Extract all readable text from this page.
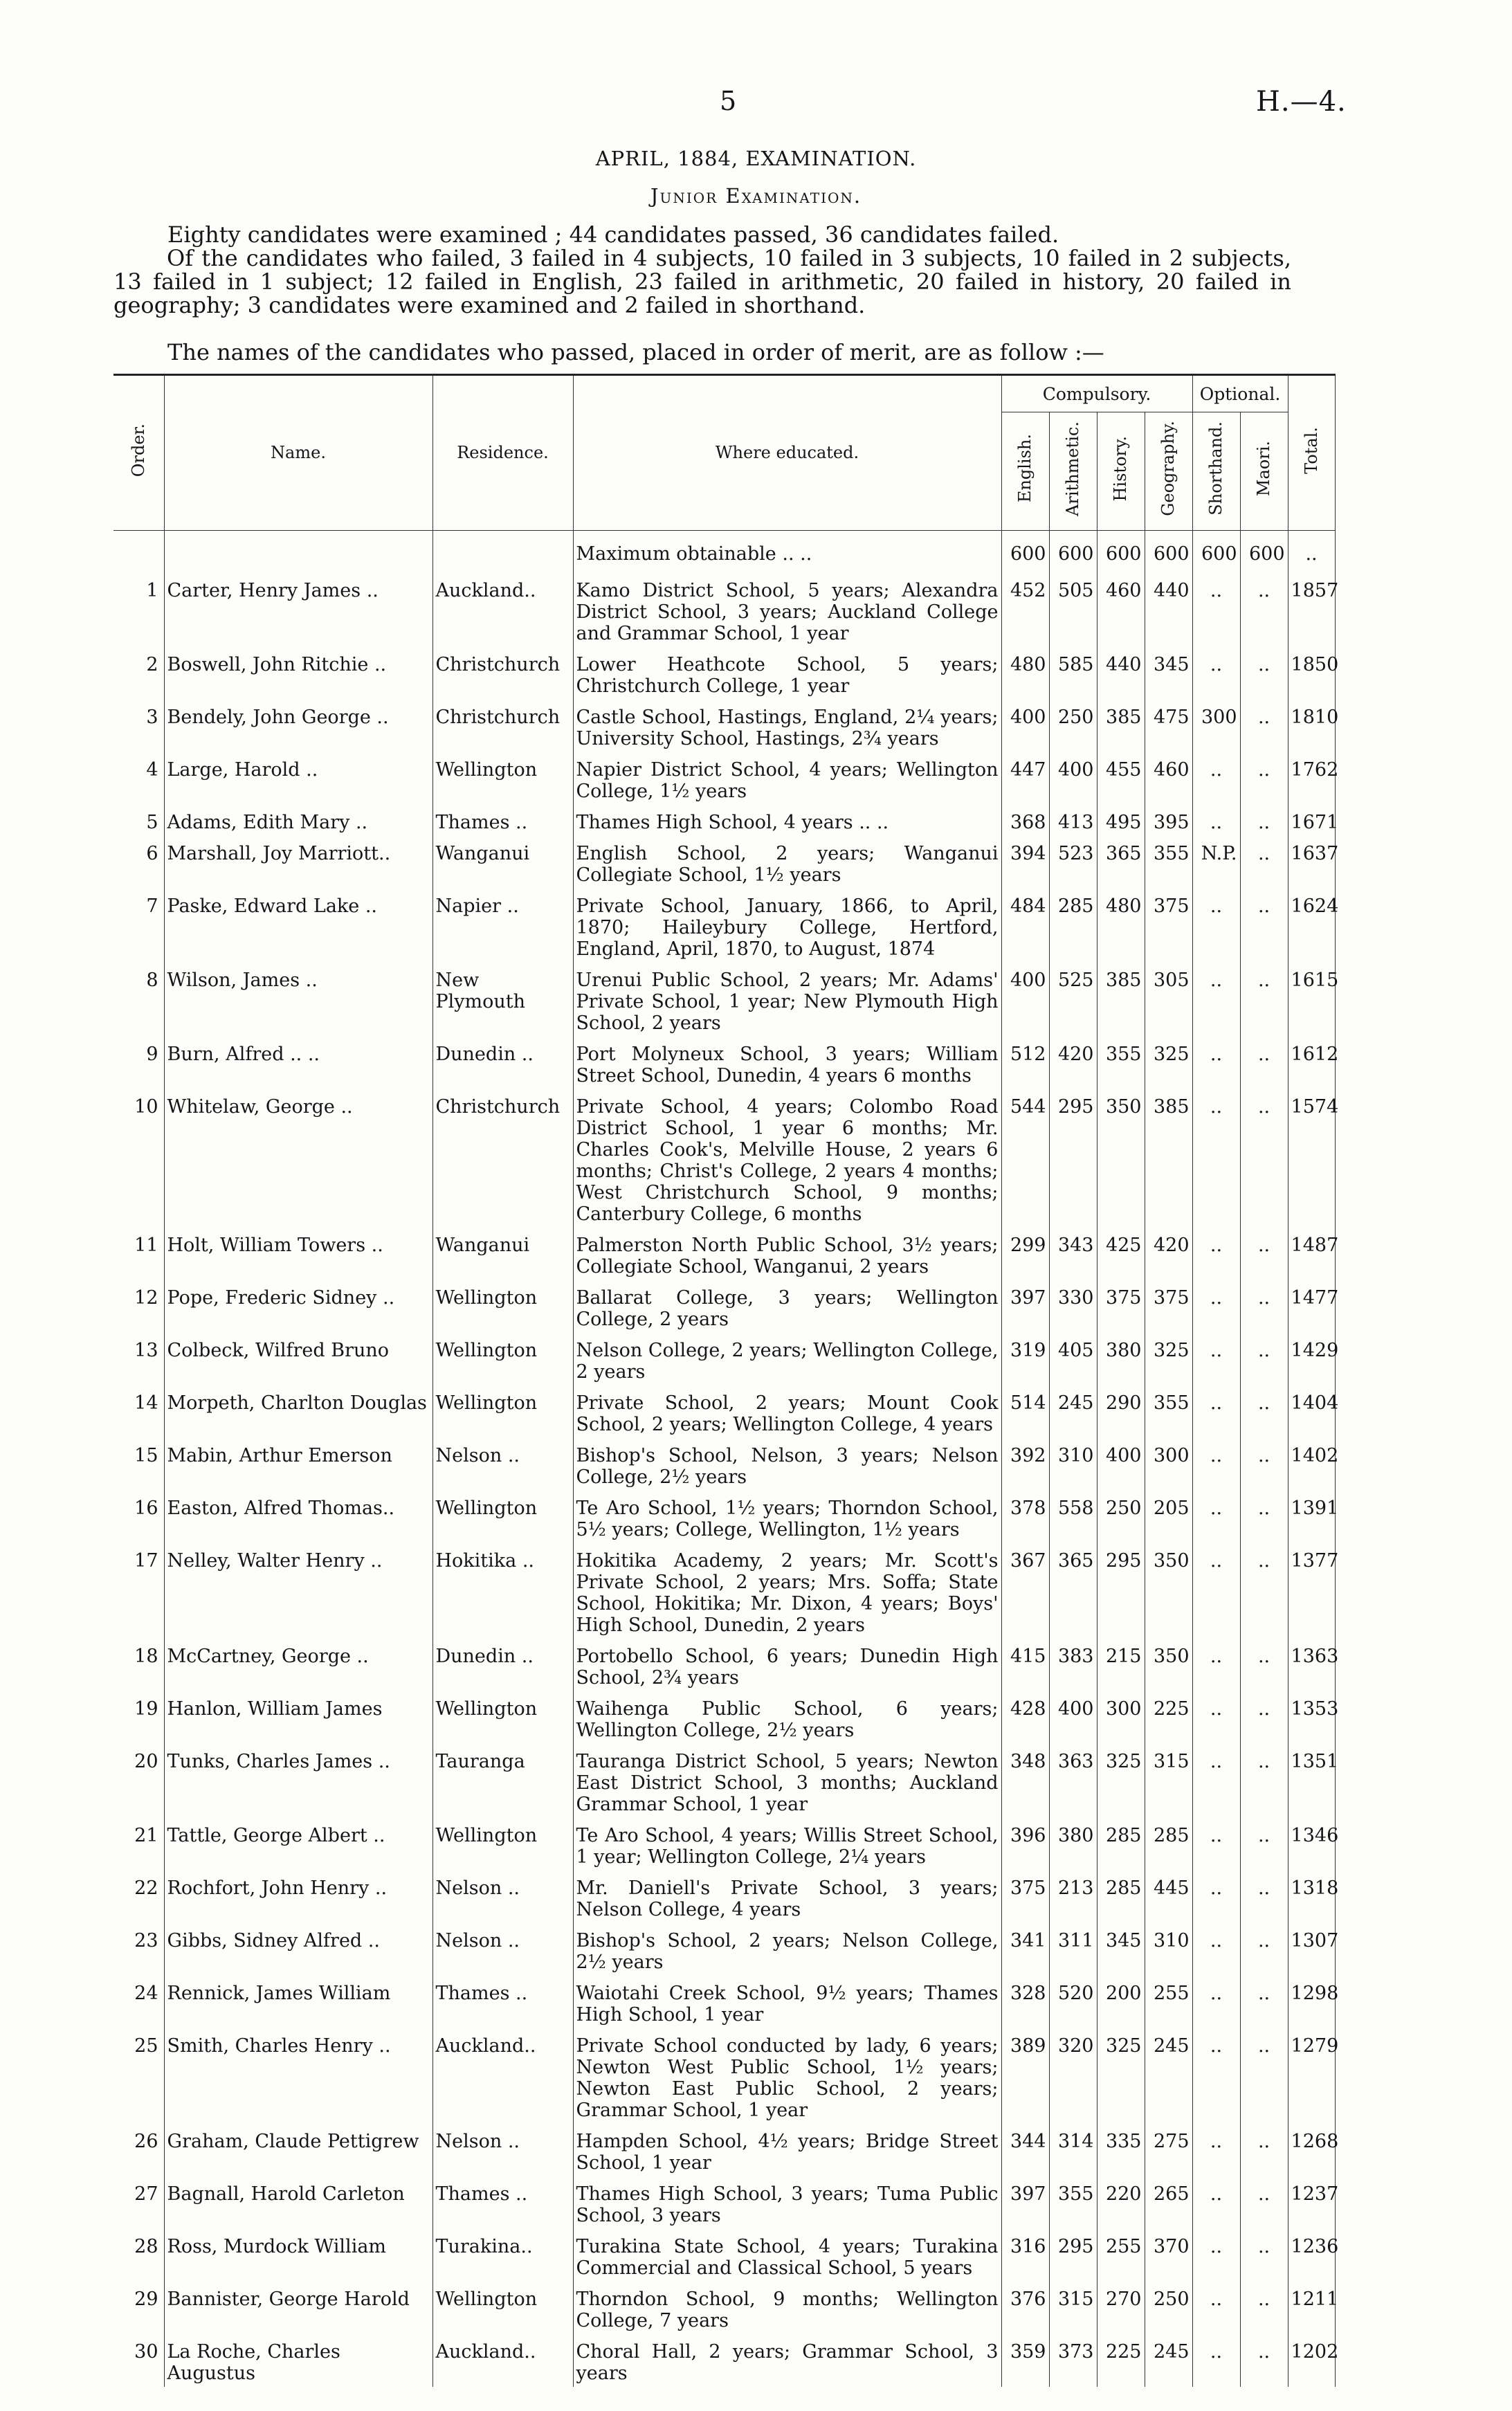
5	H.—4.
APRIL, 1884, EXAMINATION.
Junior Examination.
Eighty candidates were examined ; 44 candidates passed, 36 candidates failed.
Of the candidates who failed, 3 failed in 4 subjects, 10 failed in 3 subjects, 10 failed in 2 subjects, 13 failed in 1 subject; 12 failed in English, 23 failed in arithmetic, 20 failed in history, 20 failed in geography; 3 candidates were examined and 2 failed in shorthand.
The names of the candidates who passed, placed in order of merit, are as follow :—
Order.	Name.	Residence.	Where educated.	Compulsory.				Optional.		Total.
				English.	Arithmetic.	History.	Geography.	Shorthand.	Maori.	
			Maximum obtainable .. ..	600	600	600	600	600	600	..
1	Carter, Henry James ..	Auckland..	Kamo District School, 5 years; Alexandra District School, 3 years; Auckland College and Grammar School, 1 year	452	505	460	440	..	..	1857
2	Boswell, John Ritchie ..	Christchurch	Lower Heathcote School, 5 years; Christchurch College, 1 year	480	585	440	345	..	..	1850
3	Bendely, John George ..	Christchurch	Castle School, Hastings, England, 2¼ years; University School, Hastings, 2¾ years	400	250	385	475	300	..	1810
4	Large, Harold ..	Wellington	Napier District School, 4 years; Wellington College, 1½ years	447	400	455	460	..	..	1762
5	Adams, Edith Mary ..	Thames ..	Thames High School, 4 years .. ..	368	413	495	395	..	..	1671
6	Marshall, Joy Marriott..	Wanganui	English School, 2 years; Wanganui Collegiate School, 1½ years	394	523	365	355	N.P.	..	1637
7	Paske, Edward Lake ..	Napier ..	Private School, January, 1866, to April, 1870; Haileybury College, Hertford, England, April, 1870, to August, 1874	484	285	480	375	..	..	1624
8	Wilson, James ..	New Plymouth	Urenui Public School, 2 years; Mr. Adams' Private School, 1 year; New Plymouth High School, 2 years	400	525	385	305	..	..	1615
9	Burn, Alfred .. ..	Dunedin ..	Port Molyneux School, 3 years; William Street School, Dunedin, 4 years 6 months	512	420	355	325	..	..	1612
10	Whitelaw, George ..	Christchurch	Private School, 4 years; Colombo Road District School, 1 year 6 months; Mr. Charles Cook's, Melville House, 2 years 6 months; Christ's College, 2 years 4 months; West Christchurch School, 9 months; Canterbury College, 6 months	544	295	350	385	..	..	1574
11	Holt, William Towers ..	Wanganui	Palmerston North Public School, 3½ years; Collegiate School, Wanganui, 2 years	299	343	425	420	..	..	1487
12	Pope, Frederic Sidney ..	Wellington	Ballarat College, 3 years; Wellington College, 2 years	397	330	375	375	..	..	1477
13	Colbeck, Wilfred Bruno	Wellington	Nelson College, 2 years; Wellington College, 2 years	319	405	380	325	..	..	1429
14	Morpeth, Charlton Douglas	Wellington	Private School, 2 years; Mount Cook School, 2 years; Wellington College, 4 years	514	245	290	355	..	..	1404
15	Mabin, Arthur Emerson	Nelson ..	Bishop's School, Nelson, 3 years; Nelson College, 2½ years	392	310	400	300	..	..	1402
16	Easton, Alfred Thomas..	Wellington	Te Aro School, 1½ years; Thorndon School, 5½ years; College, Wellington, 1½ years	378	558	250	205	..	..	1391
17	Nelley, Walter Henry ..	Hokitika ..	Hokitika Academy, 2 years; Mr. Scott's Private School, 2 years; Mrs. Soffa; State School, Hokitika; Mr. Dixon, 4 years; Boys' High School, Dunedin, 2 years	367	365	295	350	..	..	1377
18	McCartney, George ..	Dunedin ..	Portobello School, 6 years; Dunedin High School, 2¾ years	415	383	215	350	..	..	1363
19	Hanlon, William James	Wellington	Waihenga Public School, 6 years; Wellington College, 2½ years	428	400	300	225	..	..	1353
20	Tunks, Charles James ..	Tauranga	Tauranga District School, 5 years; Newton East District School, 3 months; Auckland Grammar School, 1 year	348	363	325	315	..	..	1351
21	Tattle, George Albert ..	Wellington	Te Aro School, 4 years; Willis Street School, 1 year; Wellington College, 2¼ years	396	380	285	285	..	..	1346
22	Rochfort, John Henry ..	Nelson ..	Mr. Daniell's Private School, 3 years; Nelson College, 4 years	375	213	285	445	..	..	1318
23	Gibbs, Sidney Alfred ..	Nelson ..	Bishop's School, 2 years; Nelson College, 2½ years	341	311	345	310	..	..	1307
24	Rennick, James William	Thames ..	Waiotahi Creek School, 9½ years; Thames High School, 1 year	328	520	200	255	..	..	1298
25	Smith, Charles Henry ..	Auckland..	Private School conducted by lady, 6 years; Newton West Public School, 1½ years; Newton East Public School, 2 years; Grammar School, 1 year	389	320	325	245	..	..	1279
26	Graham, Claude Pettigrew	Nelson ..	Hampden School, 4½ years; Bridge Street School, 1 year	344	314	335	275	..	..	1268
27	Bagnall, Harold Carleton	Thames ..	Thames High School, 3 years; Tuma Public School, 3 years	397	355	220	265	..	..	1237
28	Ross, Murdock William	Turakina..	Turakina State School, 4 years; Turakina Commercial and Classical School, 5 years	316	295	255	370	..	..	1236
29	Bannister, George Harold	Wellington	Thorndon School, 9 months; Wellington College, 7 years	376	315	270	250	..	..	1211
30	La Roche, Charles Augustus	Auckland..	Choral Hall, 2 years; Grammar School, 3 years	359	373	225	245	..	..	1202
